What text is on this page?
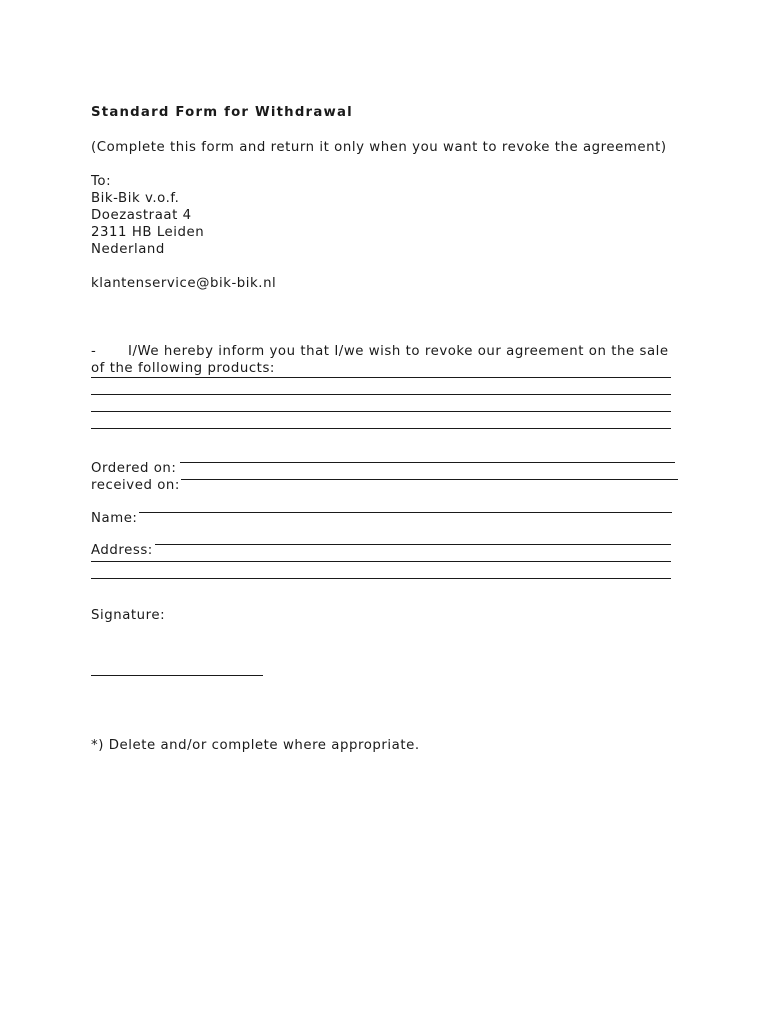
Standard Form for Withdrawal
(Complete this form and return it only when you want to revoke the agreement)
To:
Bik-Bik v.o.f.
Doezastraat 4
2311 HB Leiden
Nederland
klantenservice@bik-bik.nl
- I/We hereby inform you that I/we wish to revoke our agreement on the sale
of the following products:
Ordered on:
received on:
Name:
Address:
Signature:
*) Delete and/or complete where appropriate.
